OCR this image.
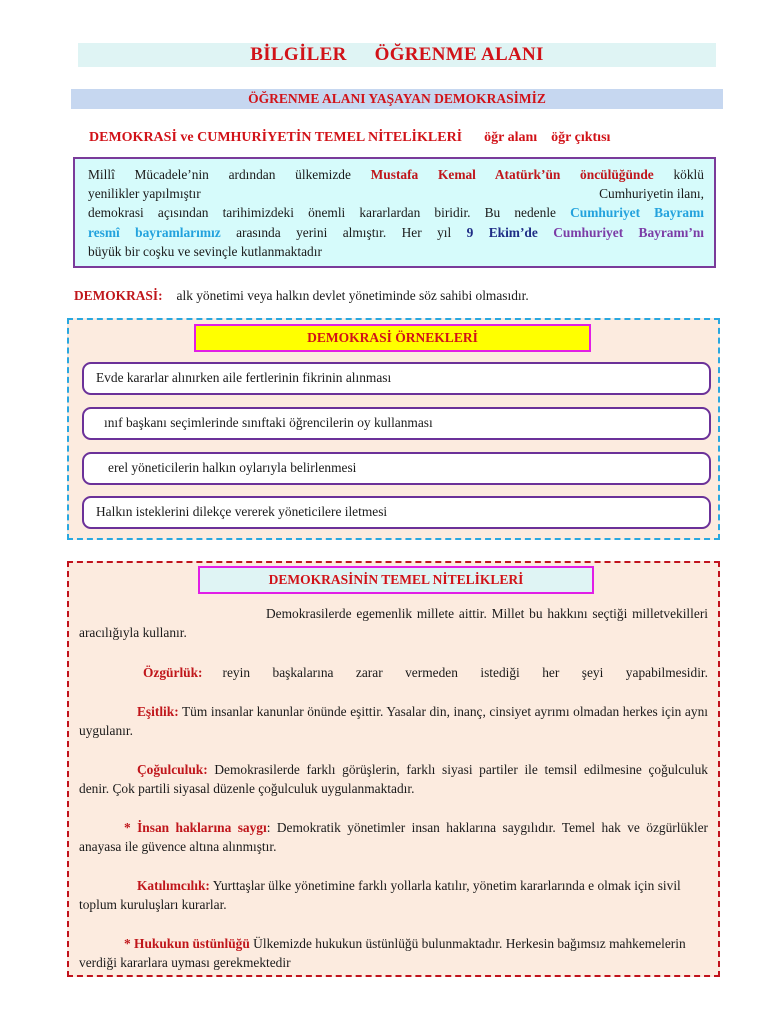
BİLGİLER ÖĞRENME ALANI
ÖĞRENME ALANI YAŞAYAN DEMOKRASİMİZ
DEMOKRASİ ve CUMHURİYETİN TEMEL NİTELİKLERİ öğr alanı öğr çıktısı
Millî Mücadele’nin ardından ülkemizde Mustafa Kemal Atatürk’ün öncülüğünde köklü
yenilikler yapılmıştır	Cumhuriyetin ilanı,
demokrasi açısından tarihimizdeki önemli kararlardan biridir. Bu nedenle Cumhuriyet Bayramı
resmî bayramlarımız arasında yerini almıştır. Her yıl 9 Ekim’de Cumhuriyet Bayramı’nı
büyük bir coşku ve sevinçle kutlanmaktadır
DEMOKRASİ: alk yönetimi veya halkın devlet yönetiminde söz sahibi olmasıdır.
DEMOKRASİ ÖRNEKLERİ
Evde kararlar alınırken aile fertlerinin fikrinin alınması
ınıf başkanı seçimlerinde sınıftaki öğrencilerin oy kullanması
erel yöneticilerin halkın oylarıyla belirlenmesi
Halkın isteklerini dilekçe vererek yöneticilere iletmesi
DEMOKRASİNİN TEMEL NİTELİKLERİ
Demokrasilerde egemenlik millete aittir. Millet bu hakkını seçtiği milletvekilleri aracılığıyla kullanır.
Özgürlük: reyin başkalarına zarar vermeden istediği her şeyi yapabilmesidir.
Eşitlik: Tüm insanlar kanunlar önünde eşittir. Yasalar din, inanç, cinsiyet ayrımı olmadan herkes için aynı uygulanır.
Çoğulculuk: Demokrasilerde farklı görüşlerin, farklı siyasi partiler ile temsil edilmesine çoğulculuk denir. Çok partili siyasal düzenle çoğulculuk uygulanmaktadır.
* İnsan haklarına saygı: Demokratik yönetimler insan haklarına saygılıdır. Temel hak ve özgürlükler anayasa ile güvence altına alınmıştır.
Katılımcılık: Yurttaşlar ülke yönetimine farklı yollarla katılır, yönetim kararlarında e olmak için sivil toplum kuruluşları kurarlar.
* Hukukun üstünlüğü Ülkemizde hukukun üstünlüğü bulunmaktadır. Herkesin bağımsız mahkemelerin verdiği kararlara uyması gerekmektedir
